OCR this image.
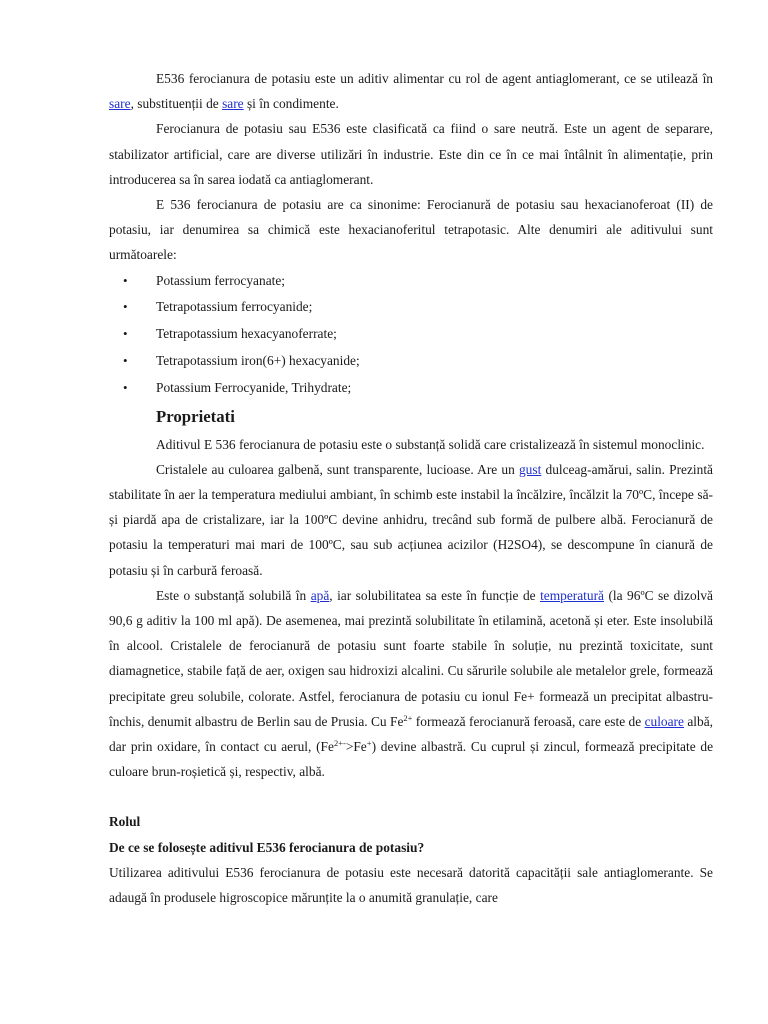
E536 ferocianura de potasiu este un aditiv alimentar cu rol de agent antiaglomerant, ce se utilează în sare, substituenții de sare și în condimente.

Ferocianura de potasiu sau E536 este clasificată ca fiind o sare neutră. Este un agent de separare, stabilizator artificial, care are diverse utilizări în industrie. Este din ce în ce mai întâlnit în alimentație, prin introducerea sa în sarea iodată ca antiaglomerant.

E 536 ferocianura de potasiu are ca sinonime: Ferocianură de potasiu sau hexacianoferoat (II) de potasiu, iar denumirea sa chimică este hexacianoferitul tetrapotasic. Alte denumiri ale aditivului sunt următoarele:

• Potassium ferrocyanate;
• Tetrapotassium ferrocyanide;
• Tetrapotassium hexacyanoferrate;
• Tetrapotassium iron(6+) hexacyanide;
• Potassium Ferrocyanide, Trihydrate;
Proprietati

Aditivul E 536 ferocianura de potasiu este o substanță solidă care cristalizează în sistemul monoclinic.

Cristalele au culoarea galbenă, sunt transparente, lucioase. Are un gust dulceag-amărui, salin. Prezintă stabilitate în aer la temperatura mediului ambiant, în schimb este instabil la încălzire, încălzit la 70ºC, începe să-și piardă apa de cristalizare, iar la 100ºC devine anhidru, trecând sub formă de pulbere albă. Ferocianură de potasiu la temperaturi mai mari de 100ºC, sau sub acțiunea acizilor (H2SO4), se descompune în cianură de potasiu și în carbură feroasă.

Este o substanță solubilă în apă, iar solubilitatea sa este în funcție de temperatură (la 96ºC se dizolvă 90,6 g aditiv la 100 ml apă). De asemenea, mai prezintă solubilitate în etilamină, acetonă și eter. Este insolubilă în alcool. Cristalele de ferocianură de potasiu sunt foarte stabile în soluție, nu prezintă toxicitate, sunt diamagnetice, stabile față de aer, oxigen sau hidroxizi alcalini. Cu sărurile solubile ale metalelor grele, formează precipitate greu solubile, colorate. Astfel, ferocianura de potasiu cu ionul Fe+ formează un precipitat albastru-închis, denumit albastru de Berlin sau de Prusia. Cu $Fe^{2+}$ formează ferocianură feroasă, care este de culoare albă, dar prin oxidare, în contact cu aerul, $(Fe^{2+-}>Fe^+)$ devine albastră. Cu cuprul și zincul, formează precipitate de culoare brun-roșietică și, respectiv, albă.

Rolul
De ce se folosește aditivul E536 ferocianura de potasiu?

Utilizarea aditivului E536 ferocianura de potasiu este necesară datorită capacității sale antiaglomerante. Se adaugă în produsele higroscopice mărunțite la o anumită granulație, care
